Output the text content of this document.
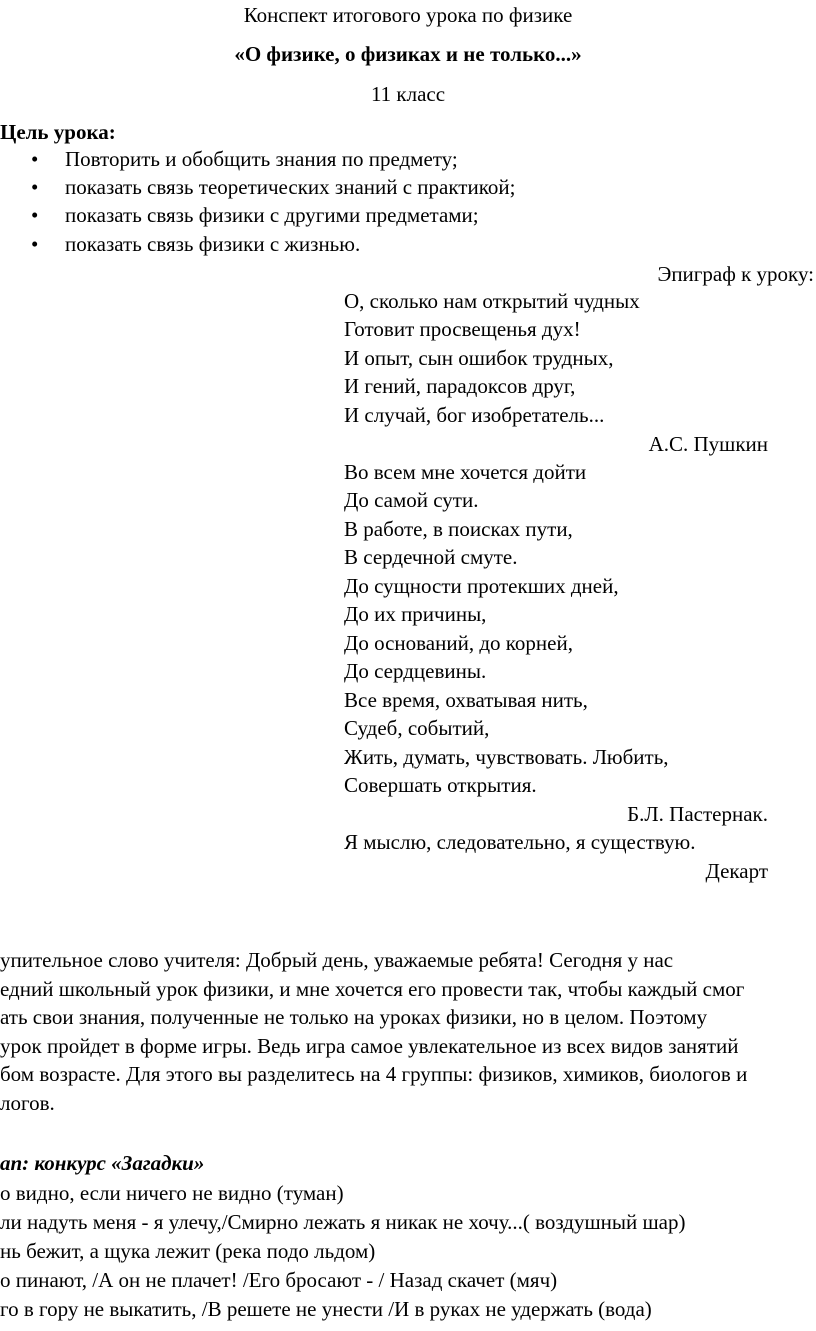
Конспект итогового урока по физике
«О физике, о физиках и не только...»
11 класс
Цель урока:
• Повторить и обобщить знания по предмету;
• показать связь теоретических знаний с практикой;
• показать связь физики с другими предметами;
• показать связь физики с жизнью.
Эпиграф к уроку:
О, сколько нам открытий чудных
Готовит просвещенья дух!
И опыт, сын ошибок трудных,
И гений, парадоксов друг,
И случай, бог изобретатель...
А.С. Пушкин
Во всем мне хочется дойти
До самой сути.
В работе, в поисках пути,
В сердечной смуте.
До сущности протекших дней,
До их причины,
До оснований, до корней,
До сердцевины.
Все время, охватывая нить,
Судеб, событий,
Жить, думать, чувствовать. Любить,
Совершать открытия.
Б.Л. Пастернак.
Я мыслю, следовательно, я существую.
Декарт
упительное слово учителя: Добрый день, уважаемые ребята! Сегодня у нас
едний школьный урок физики, и мне хочется его провести так, чтобы каждый смог
ать свои знания, полученные не только на уроках физики, но в целом. Поэтому
урок пройдет в форме игры. Ведь игра самое увлекательное из всех видов занятий
бом возрасте. Для этого вы разделитесь на 4 группы: физиков, химиков, биологов и
логов.
ап: конкурс «Загадки»
о видно, если ничего не видно (туман)
ли надуть меня - я улечу,/Смирно лежать я никак не хочу...( воздушный шар)
нь бежит, а щука лежит (река подо льдом)
о пинают, /А он не плачет! /Его бросают - / Назад скачет (мяч)
го в гору не выкатить, /В решете не унести /И в руках не удержать (вода)
